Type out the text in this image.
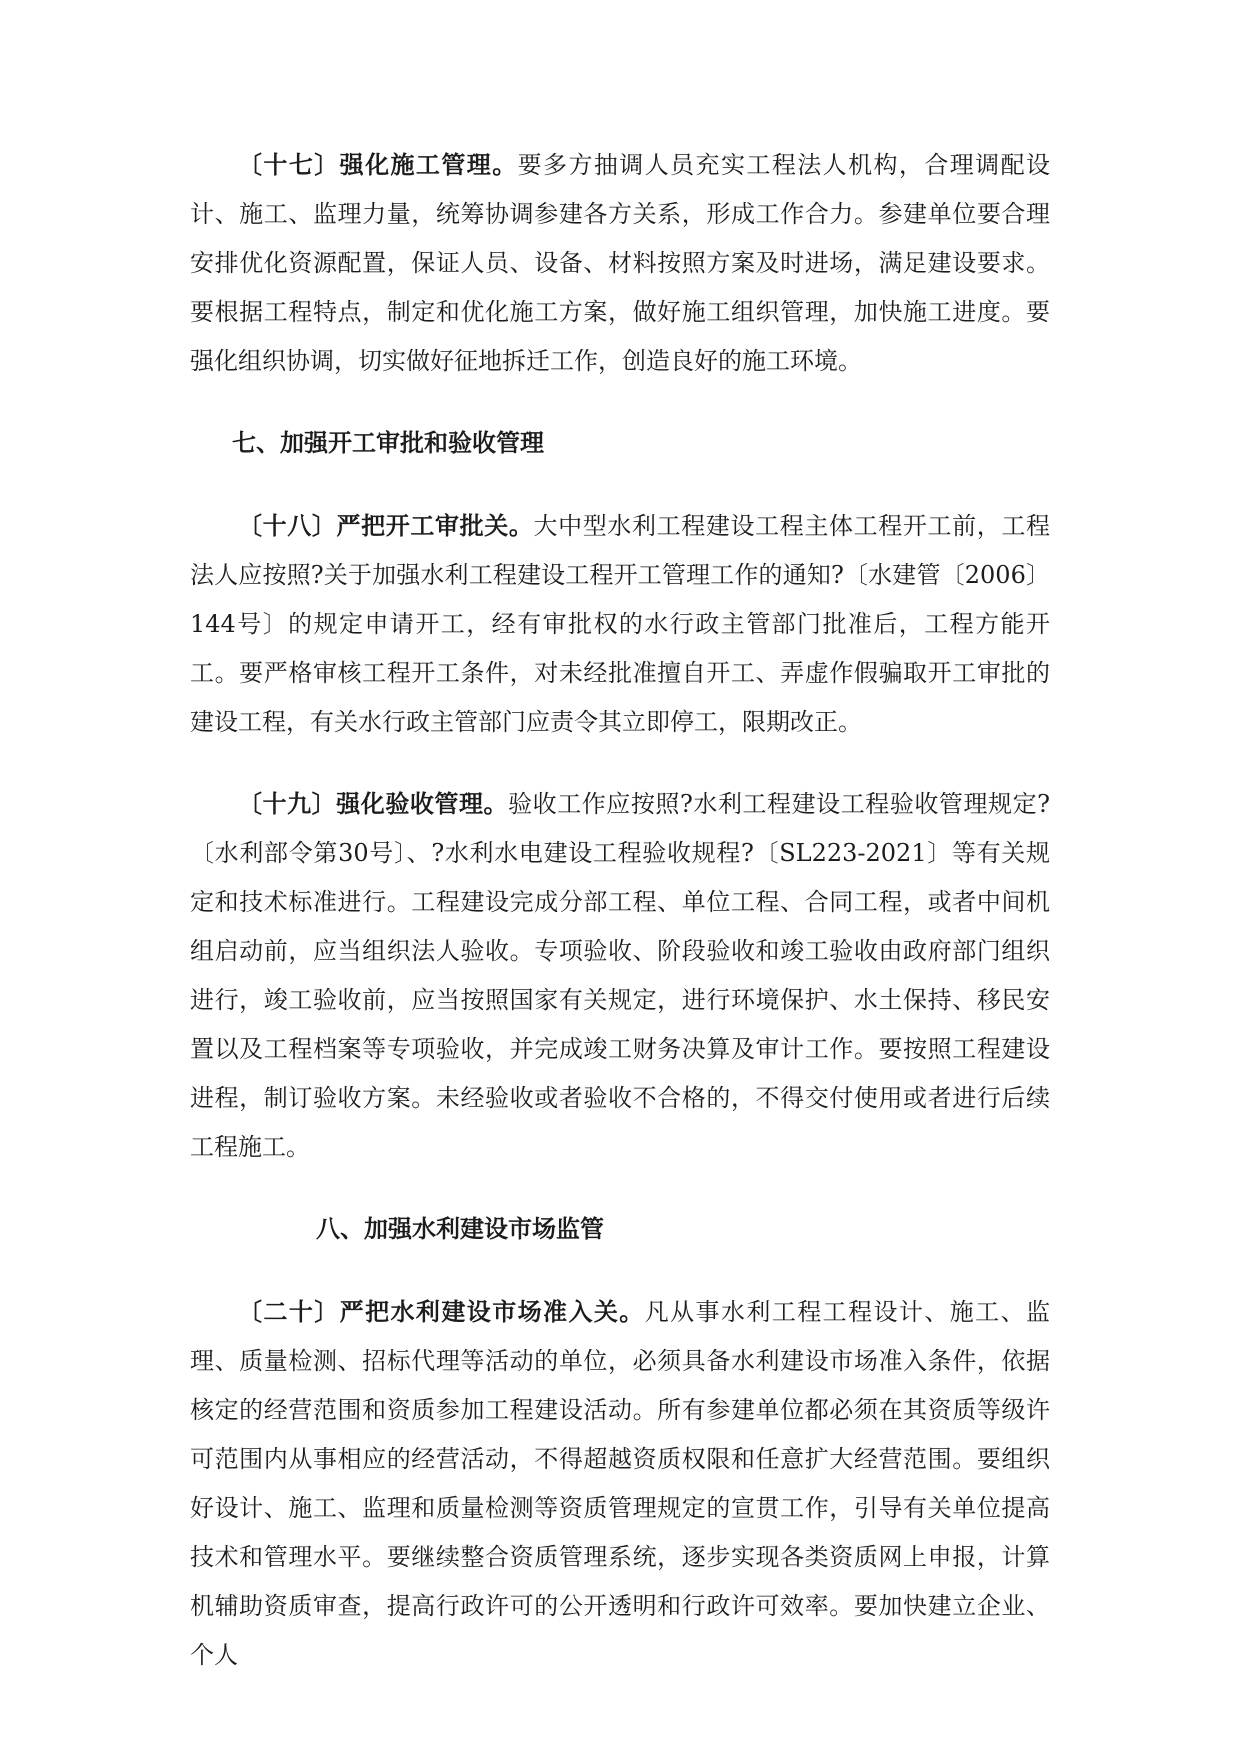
〔十七〕强化施工管理。要多方抽调人员充实工程法人机构，合理调配设计、施工、监理力量，统筹协调参建各方关系，形成工作合力。参建单位要合理安排优化资源配置，保证人员、设备、材料按照方案及时进场，满足建设要求。要根据工程特点，制定和优化施工方案，做好施工组织管理，加快施工进度。要强化组织协调，切实做好征地拆迁工作，创造良好的施工环境。

七、加强开工审批和验收管理

〔十八〕严把开工审批关。大中型水利工程建设工程主体工程开工前，工程法人应按照?关于加强水利工程建设工程开工管理工作的通知?〔水建管〔2006〕144号〕的规定申请开工，经有审批权的水行政主管部门批准后，工程方能开工。要严格审核工程开工条件，对未经批准擅自开工、弄虚作假骗取开工审批的建设工程，有关水行政主管部门应责令其立即停工，限期改正。

〔十九〕强化验收管理。验收工作应按照?水利工程建设工程验收管理规定?〔水利部令第30号〕、?水利水电建设工程验收规程?〔SL223-2021〕等有关规定和技术标准进行。工程建设完成分部工程、单位工程、合同工程，或者中间机组启动前，应当组织法人验收。专项验收、阶段验收和竣工验收由政府部门组织进行，竣工验收前，应当按照国家有关规定，进行环境保护、水土保持、移民安置以及工程档案等专项验收，并完成竣工财务决算及审计工作。要按照工程建设进程，制订验收方案。未经验收或者验收不合格的，不得交付使用或者进行后续工程施工。

八、加强水利建设市场监管

〔二十〕严把水利建设市场准入关。凡从事水利工程工程设计、施工、监理、质量检测、招标代理等活动的单位，必须具备水利建设市场准入条件，依据核定的经营范围和资质参加工程建设活动。所有参建单位都必须在其资质等级许可范围内从事相应的经营活动，不得超越资质权限和任意扩大经营范围。要组织好设计、施工、监理和质量检测等资质管理规定的宣贯工作，引导有关单位提高技术和管理水平。要继续整合资质管理系统，逐步实现各类资质网上申报，计算机辅助资质审查，提高行政许可的公开透明和行政许可效率。要加快建立企业、个人
